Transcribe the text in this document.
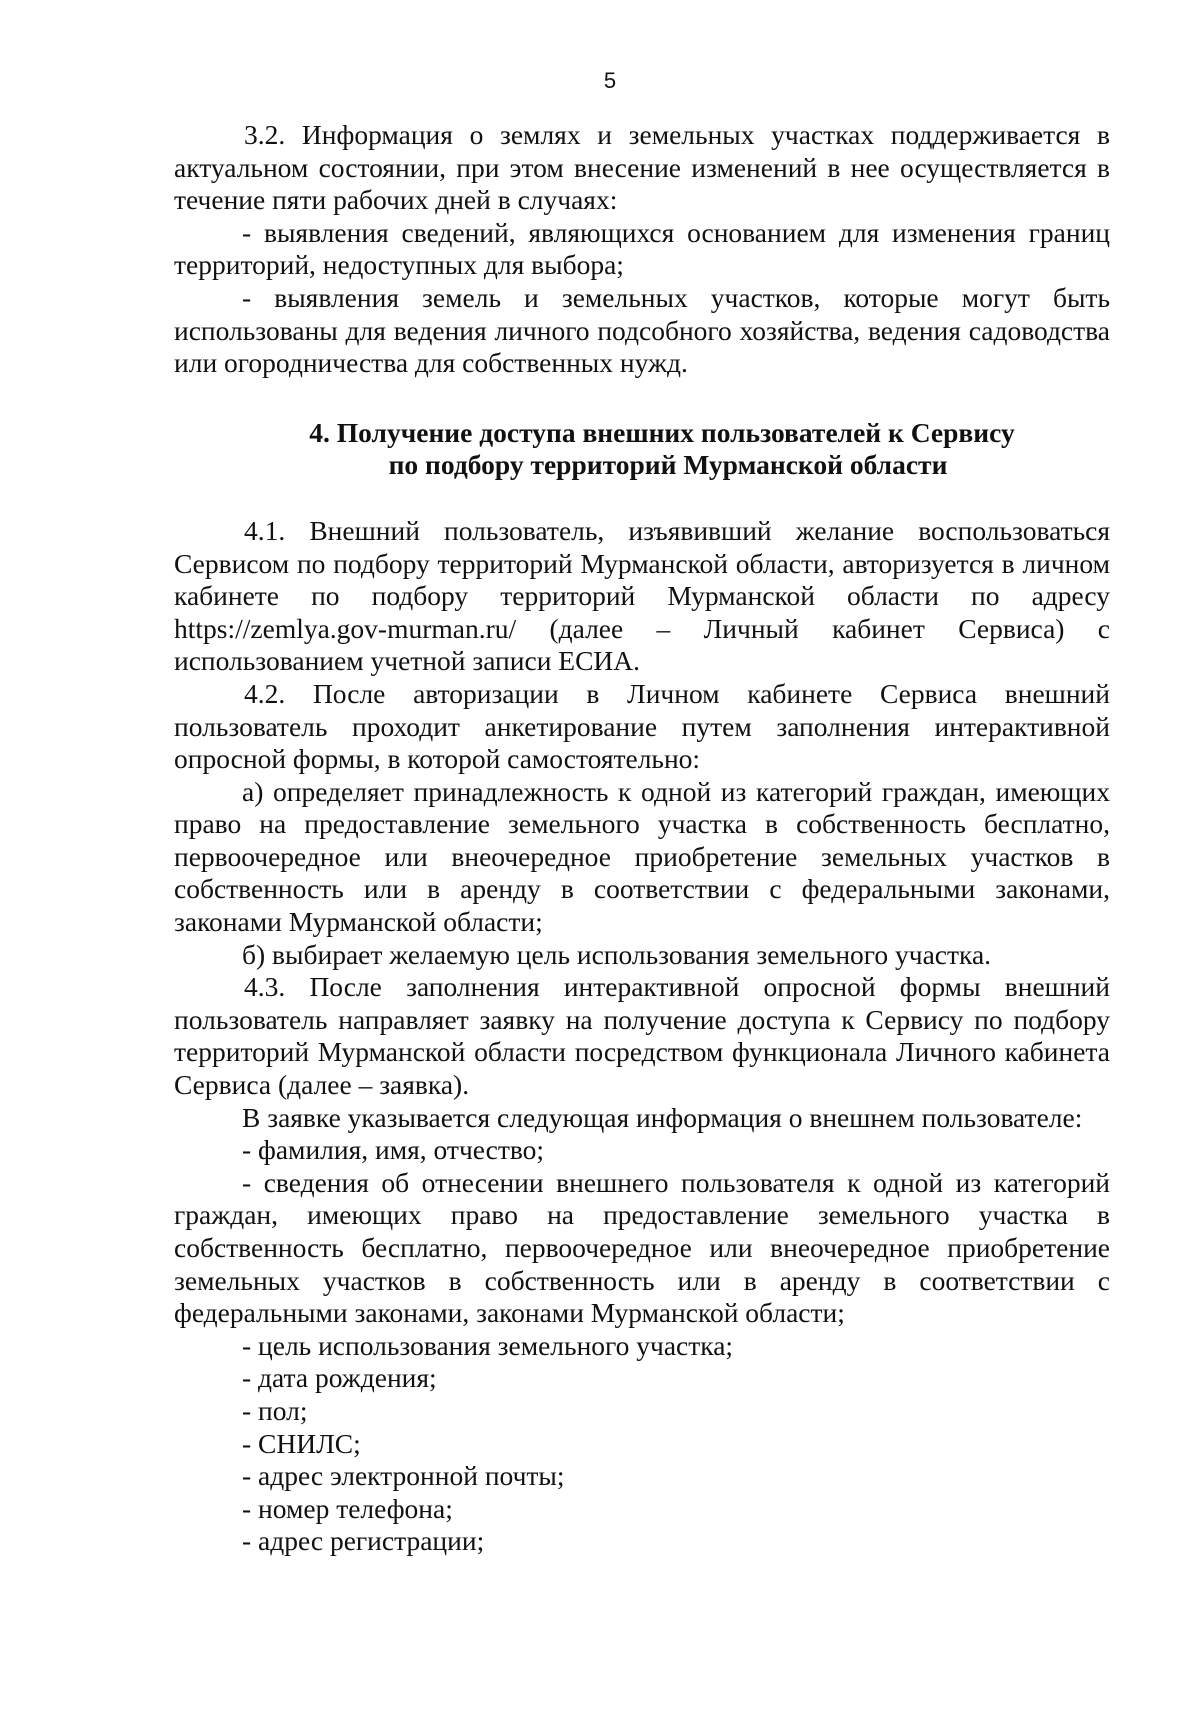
5

3.2. Информация о землях и земельных участках поддерживается в актуальном состоянии, при этом внесение изменений в нее осуществляется в течение пяти рабочих дней в случаях:

- выявления сведений, являющихся основанием для изменения границ территорий, недоступных для выбора;

- выявления земель и земельных участков, которые могут быть использованы для ведения личного подсобного хозяйства, ведения садоводства или огородничества для собственных нужд.

4. Получение доступа внешних пользователей к Сервису
по подбору территорий Мурманской области

4.1. Внешний пользователь, изъявивший желание воспользоваться Сервисом по подбору территорий Мурманской области, авторизуется в личном кабинете по подбору территорий Мурманской области по адресу https://zemlya.gov-murman.ru/ (далее – Личный кабинет Сервиса) с использованием учетной записи ЕСИА.

4.2. После авторизации в Личном кабинете Сервиса внешний пользователь проходит анкетирование путем заполнения интерактивной опросной формы, в которой самостоятельно:

а) определяет принадлежность к одной из категорий граждан, имеющих право на предоставление земельного участка в собственность бесплатно, первоочередное или внеочередное приобретение земельных участков в собственность или в аренду в соответствии с федеральными законами, законами Мурманской области;

б) выбирает желаемую цель использования земельного участка.

4.3. После заполнения интерактивной опросной формы внешний пользователь направляет заявку на получение доступа к Сервису по подбору территорий Мурманской области посредством функционала Личного кабинета Сервиса (далее – заявка).

В заявке указывается следующая информация о внешнем пользователе:

- фамилия, имя, отчество;

- сведения об отнесении внешнего пользователя к одной из категорий граждан, имеющих право на предоставление земельного участка в собственность бесплатно, первоочередное или внеочередное приобретение земельных участков в собственность или в аренду в соответствии с федеральными законами, законами Мурманской области;

- цель использования земельного участка;
- дата рождения;
- пол;
- СНИЛС;
- адрес электронной почты;
- номер телефона;
- адрес регистрации;
